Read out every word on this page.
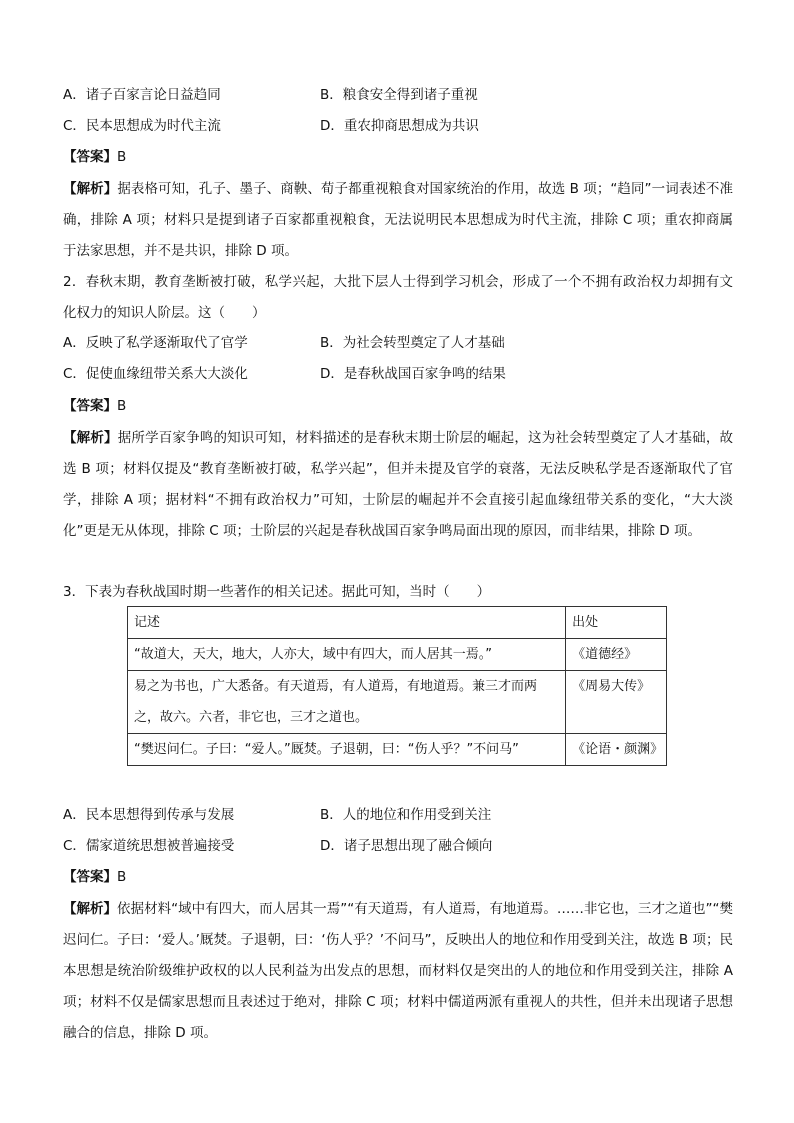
A．诸子百家言论日益趋同	B．粮食安全得到诸子重视
C．民本思想成为时代主流	D．重农抑商思想成为共识
【答案】B
【解析】据表格可知，孔子、墨子、商鞅、荀子都重视粮食对国家统治的作用，故选 B 项；“趋同”一词表述不准确，排除 A 项；材料只是提到诸子百家都重视粮食，无法说明民本思想成为时代主流，排除 C 项；重农抑商属于法家思想，并不是共识，排除 D 项。
2．春秋末期，教育垄断被打破，私学兴起，大批下层人士得到学习机会，形成了一个不拥有政治权力却拥有文化权力的知识人阶层。这（　　）
A．反映了私学逐渐取代了官学	B．为社会转型奠定了人才基础
C．促使血缘纽带关系大大淡化	D．是春秋战国百家争鸣的结果
【答案】B
【解析】据所学百家争鸣的知识可知，材料描述的是春秋末期士阶层的崛起，这为社会转型奠定了人才基础，故选 B 项；材料仅提及“教育垄断被打破，私学兴起”，但并未提及官学的衰落，无法反映私学是否逐渐取代了官学，排除 A 项；据材料“不拥有政治权力”可知，士阶层的崛起并不会直接引起血缘纽带关系的变化，“大大淡化”更是无从体现，排除 C 项；士阶层的兴起是春秋战国百家争鸣局面出现的原因，而非结果，排除 D 项。
3．下表为春秋战国时期一些著作的相关记述。据此可知，当时（　　）
记述	出处
“故道大，天大，地大，人亦大，域中有四大，而人居其一焉。”	《道德经》
易之为书也，广大悉备。有天道焉，有人道焉，有地道焉。兼三才而两之，故六。六者，非它也，三才之道也。	《周易大传》
“樊迟问仁。子曰：“爱人。”厩焚。子退朝，曰：“伤人乎？”不问马”	《论语・颜渊》
A．民本思想得到传承与发展	B．人的地位和作用受到关注
C．儒家道统思想被普遍接受	D．诸子思想出现了融合倾向
【答案】B
【解析】依据材料“域中有四大，而人居其一焉”“有天道焉，有人道焉，有地道焉。……非它也，三才之道也”“樊迟问仁。子曰：‘爱人。’厩焚。子退朝，曰：‘伤人乎？’不问马”，反映出人的地位和作用受到关注，故选 B 项；民本思想是统治阶级维护政权的以人民利益为出发点的思想，而材料仅是突出的人的地位和作用受到关注，排除 A 项；材料不仅是儒家思想而且表述过于绝对，排除 C 项；材料中儒道两派有重视人的共性，但并未出现诸子思想融合的信息，排除 D 项。
